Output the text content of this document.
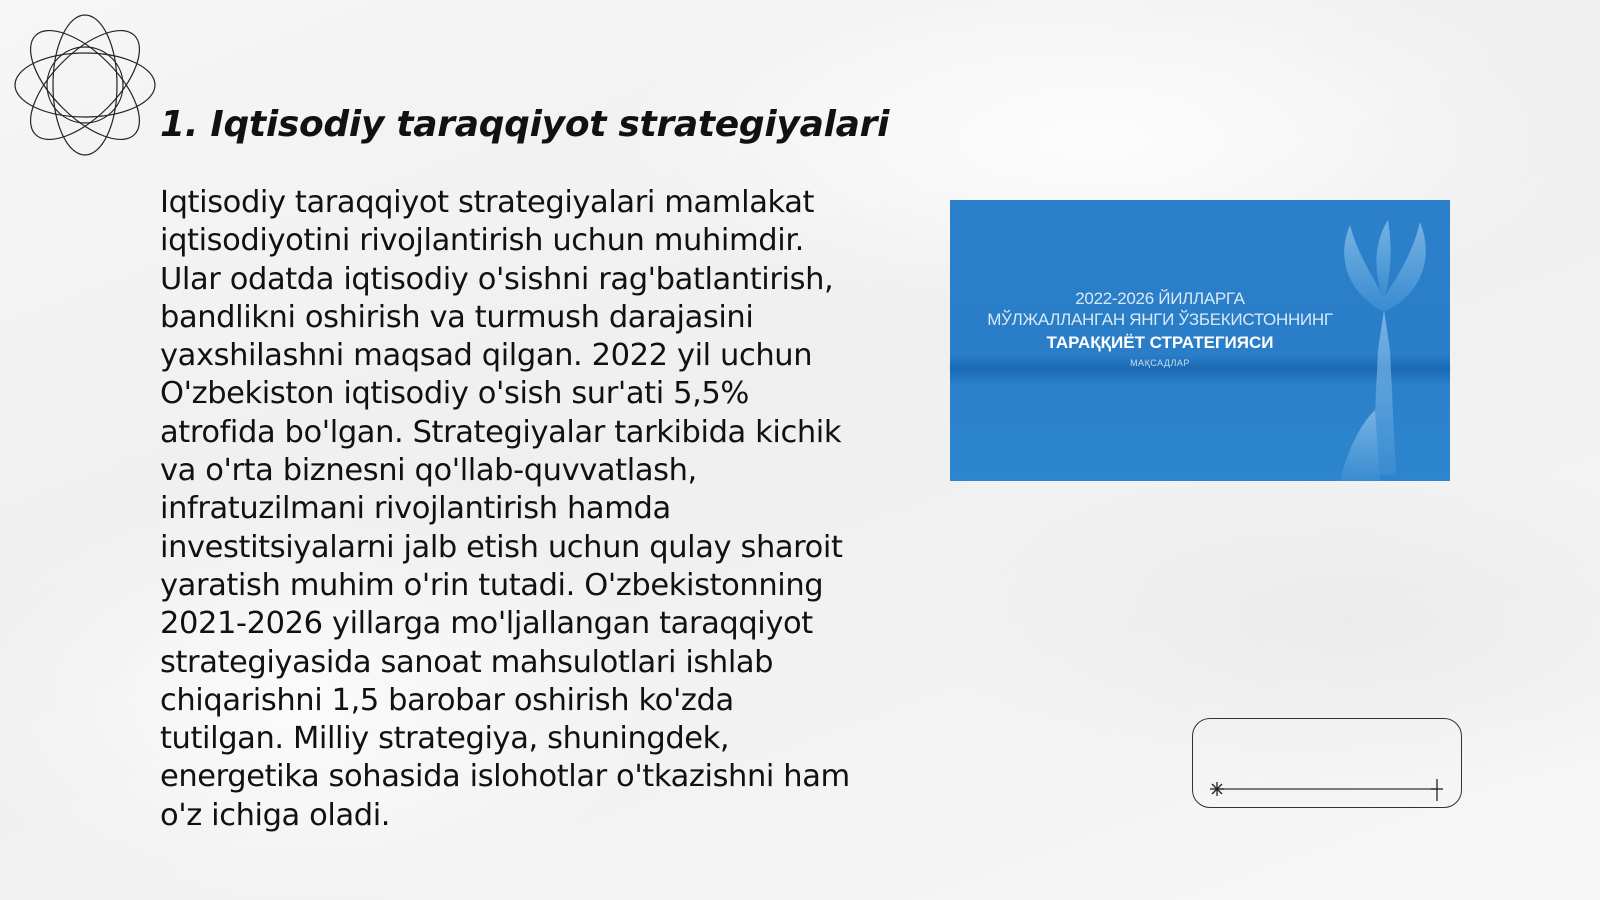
1. Iqtisodiy taraqqiyot strategiyalari

Iqtisodiy taraqqiyot strategiyalari mamlakat iqtisodiyotini rivojlantirish uchun muhimdir. Ular odatda iqtisodiy o'sishni rag'batlantirish, bandlikni oshirish va turmush darajasini yaxshilashni maqsad qilgan. 2022 yil uchun O'zbekiston iqtisodiy o'sish sur'ati 5,5% atrofida bo'lgan. Strategiyalar tarkibida kichik va o'rta biznesni qo'llab-quvvatlash, infratuzilmani rivojlantirish hamda investitsiyalarni jalb etish uchun qulay sharoit yaratish muhim o'rin tutadi. O'zbekistonning 2021-2026 yillarga mo'ljallangan taraqqiyot strategiyasida sanoat mahsulotlari ishlab chiqarishni 1,5 barobar oshirish ko'zda tutilgan. Milliy strategiya, shuningdek, energetika sohasida islohotlar o'tkazishni ham o'z ichiga oladi.

2022-2026 ЙИЛЛАРГА
МЎЛЖАЛЛАНГАН ЯНГИ ЎЗБЕКИСТОННИНГ
ТАРАҚҚИЁТ СТРАТЕГИЯСИ
МАҚСАДЛАР
